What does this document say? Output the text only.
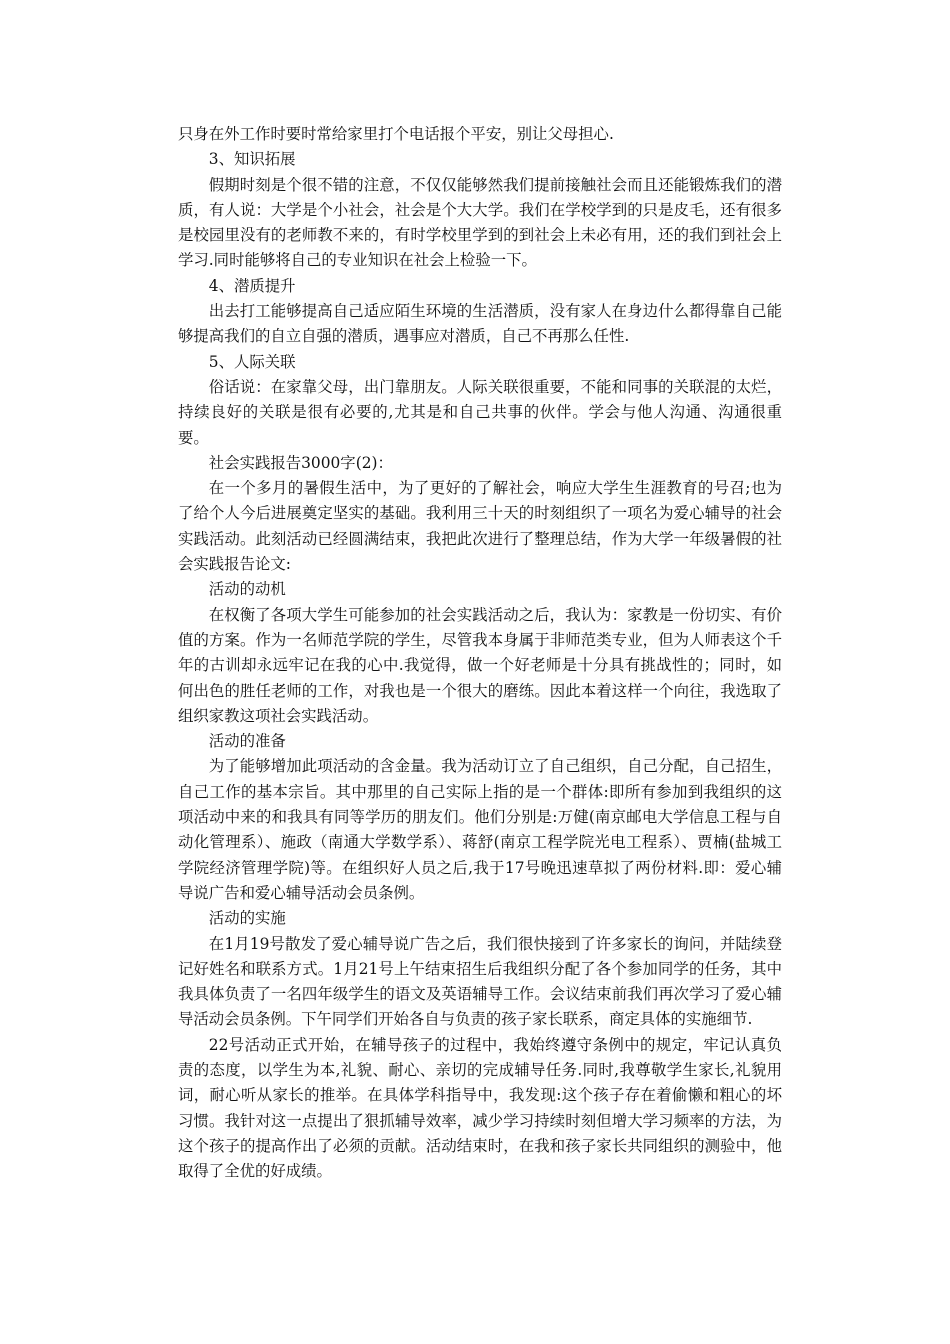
只身在外工作时要时常给家里打个电话报个平安，别让父母担心.

3、知识拓展

假期时刻是个很不错的注意，不仅仅能够然我们提前接触社会而且还能锻炼我们的潜质，有人说：大学是个小社会，社会是个大大学。我们在学校学到的只是皮毛，还有很多是校园里没有的老师教不来的，有时学校里学到的到社会上未必有用，还的我们到社会上学习.同时能够将自己的专业知识在社会上检验一下。

4、潜质提升

出去打工能够提高自己适应陌生环境的生活潜质，没有家人在身边什么都得靠自己能够提高我们的自立自强的潜质，遇事应对潜质，自己不再那么任性.

5、人际关联

俗话说：在家靠父母，出门靠朋友。人际关联很重要，不能和同事的关联混的太烂，持续良好的关联是很有必要的,尤其是和自己共事的伙伴。学会与他人沟通、沟通很重要。

社会实践报告3000字(2)：

在一个多月的暑假生活中，为了更好的了解社会，响应大学生生涯教育的号召;也为了给个人今后进展奠定坚实的基础。我利用三十天的时刻组织了一项名为爱心辅导的社会实践活动。此刻活动已经圆满结束，我把此次进行了整理总结，作为大学一年级暑假的社会实践报告论文:

活动的动机

在权衡了各项大学生可能参加的社会实践活动之后，我认为：家教是一份切实、有价值的方案。作为一名师范学院的学生，尽管我本身属于非师范类专业，但为人师表这个千年的古训却永远牢记在我的心中.我觉得，做一个好老师是十分具有挑战性的；同时，如何出色的胜任老师的工作，对我也是一个很大的磨练。因此本着这样一个向往，我选取了组织家教这项社会实践活动。

活动的准备

为了能够增加此项活动的含金量。我为活动订立了自己组织，自己分配，自己招生，自己工作的基本宗旨。其中那里的自己实际上指的是一个群体:即所有参加到我组织的这项活动中来的和我具有同等学历的朋友们。他们分别是:万健(南京邮电大学信息工程与自动化管理系）、施政（南通大学数学系）、蒋舒(南京工程学院光电工程系）、贾楠(盐城工学院经济管理学院)等。在组织好人员之后,我于17号晚迅速草拟了两份材料.即：爱心辅导说广告和爱心辅导活动会员条例。

活动的实施

在1月19号散发了爱心辅导说广告之后，我们很快接到了许多家长的询问，并陆续登记好姓名和联系方式。1月21号上午结束招生后我组织分配了各个参加同学的任务，其中我具体负责了一名四年级学生的语文及英语辅导工作。会议结束前我们再次学习了爱心辅导活动会员条例。下午同学们开始各自与负责的孩子家长联系，商定具体的实施细节.

22号活动正式开始，在辅导孩子的过程中，我始终遵守条例中的规定，牢记认真负责的态度，以学生为本,礼貌、耐心、亲切的完成辅导任务.同时,我尊敬学生家长,礼貌用词，耐心听从家长的推举。在具体学科指导中，我发现:这个孩子存在着偷懒和粗心的坏习惯。我针对这一点提出了狠抓辅导效率，减少学习持续时刻但增大学习频率的方法，为这个孩子的提高作出了必须的贡献。活动结束时，在我和孩子家长共同组织的测验中，他取得了全优的好成绩。
